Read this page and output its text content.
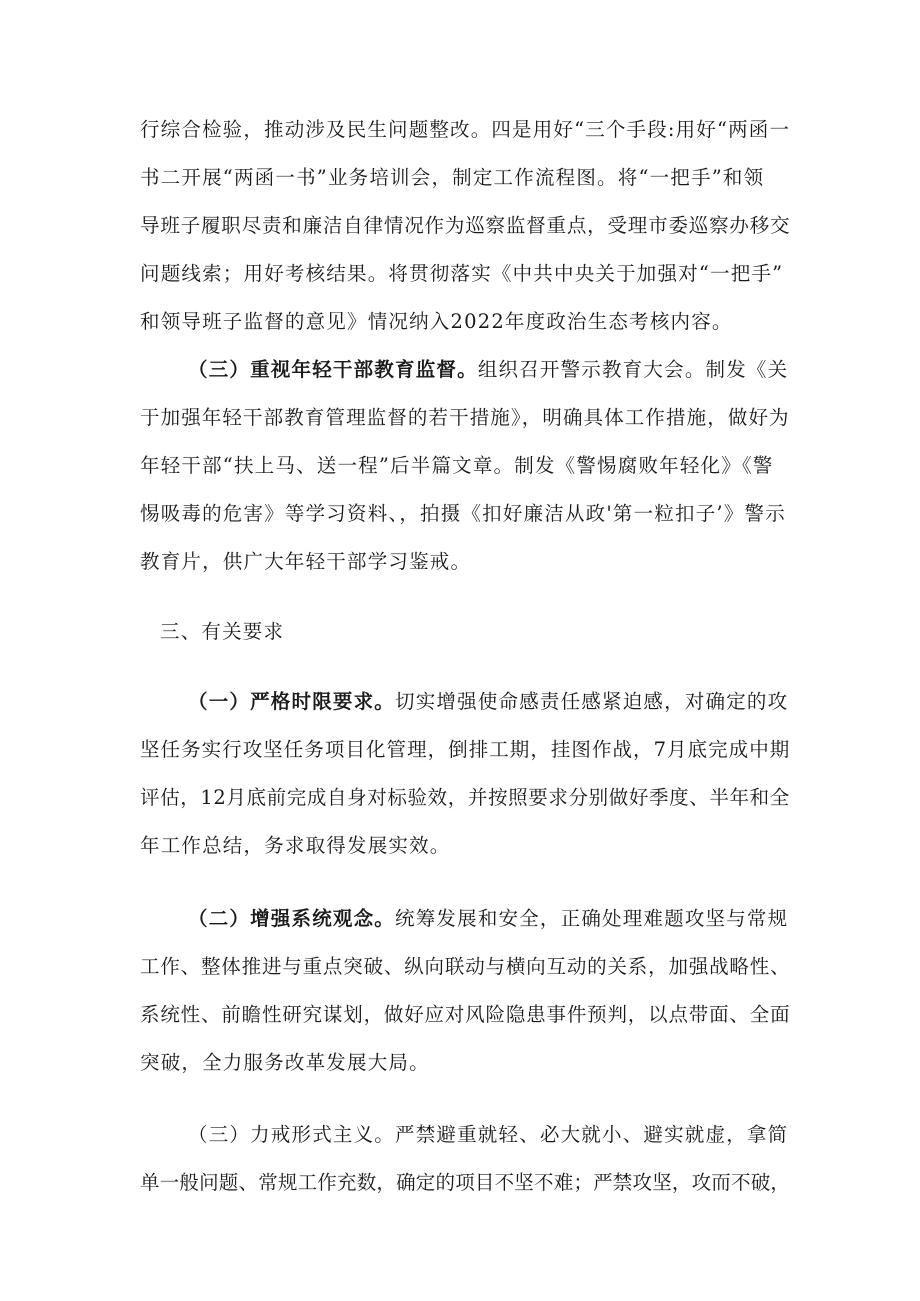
行综合检验，推动涉及民生问题整改。四是用好“三个手段:用好“两函一
书二开展“两函一书”业务培训会，制定工作流程图。将“一把手”和领
导班子履职尽责和廉洁自律情况作为巡察监督重点，受理市委巡察办移交
问题线索；用好考核结果。将贯彻落实《中共中央关于加强对“一把手”
和领导班子监督的意见》情况纳入2022年度政治生态考核内容。
（三）重视年轻干部教育监督。组织召开警示教育大会。制发《关
于加强年轻干部教育管理监督的若干措施》，明确具体工作措施，做好为
年轻干部“扶上马、送一程”后半篇文章。制发《警惕腐败年轻化》《警
惕吸毒的危害》等学习资料、，拍摄《扣好廉洁从政'第一粒扣子’》警示
教育片，供广大年轻干部学习鉴戒。
三、有关要求
（一）严格时限要求。切实增强使命感责任感紧迫感，对确定的攻
坚任务实行攻坚任务项目化管理，倒排工期，挂图作战，7月底完成中期
评估，12月底前完成自身对标验效，并按照要求分别做好季度、半年和全
年工作总结，务求取得发展实效。
（二）增强系统观念。统筹发展和安全，正确处理难题攻坚与常规
工作、整体推进与重点突破、纵向联动与横向互动的关系，加强战略性、
系统性、前瞻性研究谋划，做好应对风险隐患事件预判，以点带面、全面
突破，全力服务改革发展大局。
（三）力戒形式主义。严禁避重就轻、必大就小、避实就虚，拿简
单一般问题、常规工作充数，确定的项目不坚不难；严禁攻坚，攻而不破，
